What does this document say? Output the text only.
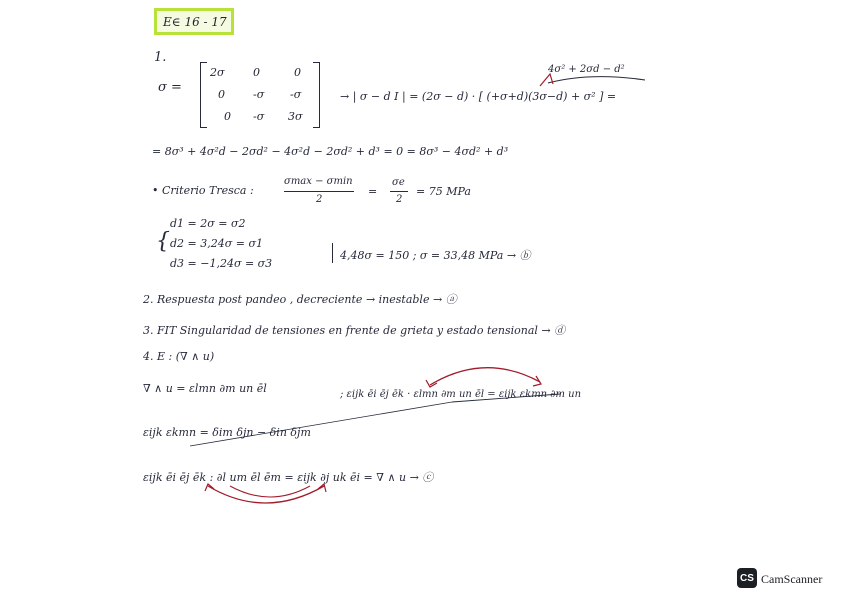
E∈ 16 - 17
1.
σ =
2σ	0	0
0	-σ -σ
0 -σ 3σ
→ | σ − d I | = (2σ − d) · [ (+σ+d)(3σ−d) + σ² ] =
4σ² + 2σd − d²
= 8σ³ + 4σ²d − 2σd² − 4σ²d − 2σd² + d³ = 0 = 8σ³ − 4σd² + d³
• Criterio Tresca :
σmax − σmin
2
=
σe
2
= 75 MPa
{
d1 = 2σ = σ2
d2 = 3,24σ = σ1
d3 = −1,24σ = σ3
4,48σ = 150 ; σ = 33,48 MPa → ⓑ
2. Respuesta post pandeo , decreciente → inestable → ⓐ
3. FIT Singularidad de tensiones en frente de grieta y estado tensional → ⓓ
4. E : (∇ ∧ u)
∇ ∧ u = εlmn ∂m un ēl	; εijk ēi ēj ēk · εlmn ∂m un ēl = εijk εkmn ∂m un
εijk εkmn = δim δjn − δin δjm
εijk ēi ēj ēk : ∂l um ēl ēm = εijk ∂j uk ēi = ∇ ∧ u → ⓒ
CS CamScanner
